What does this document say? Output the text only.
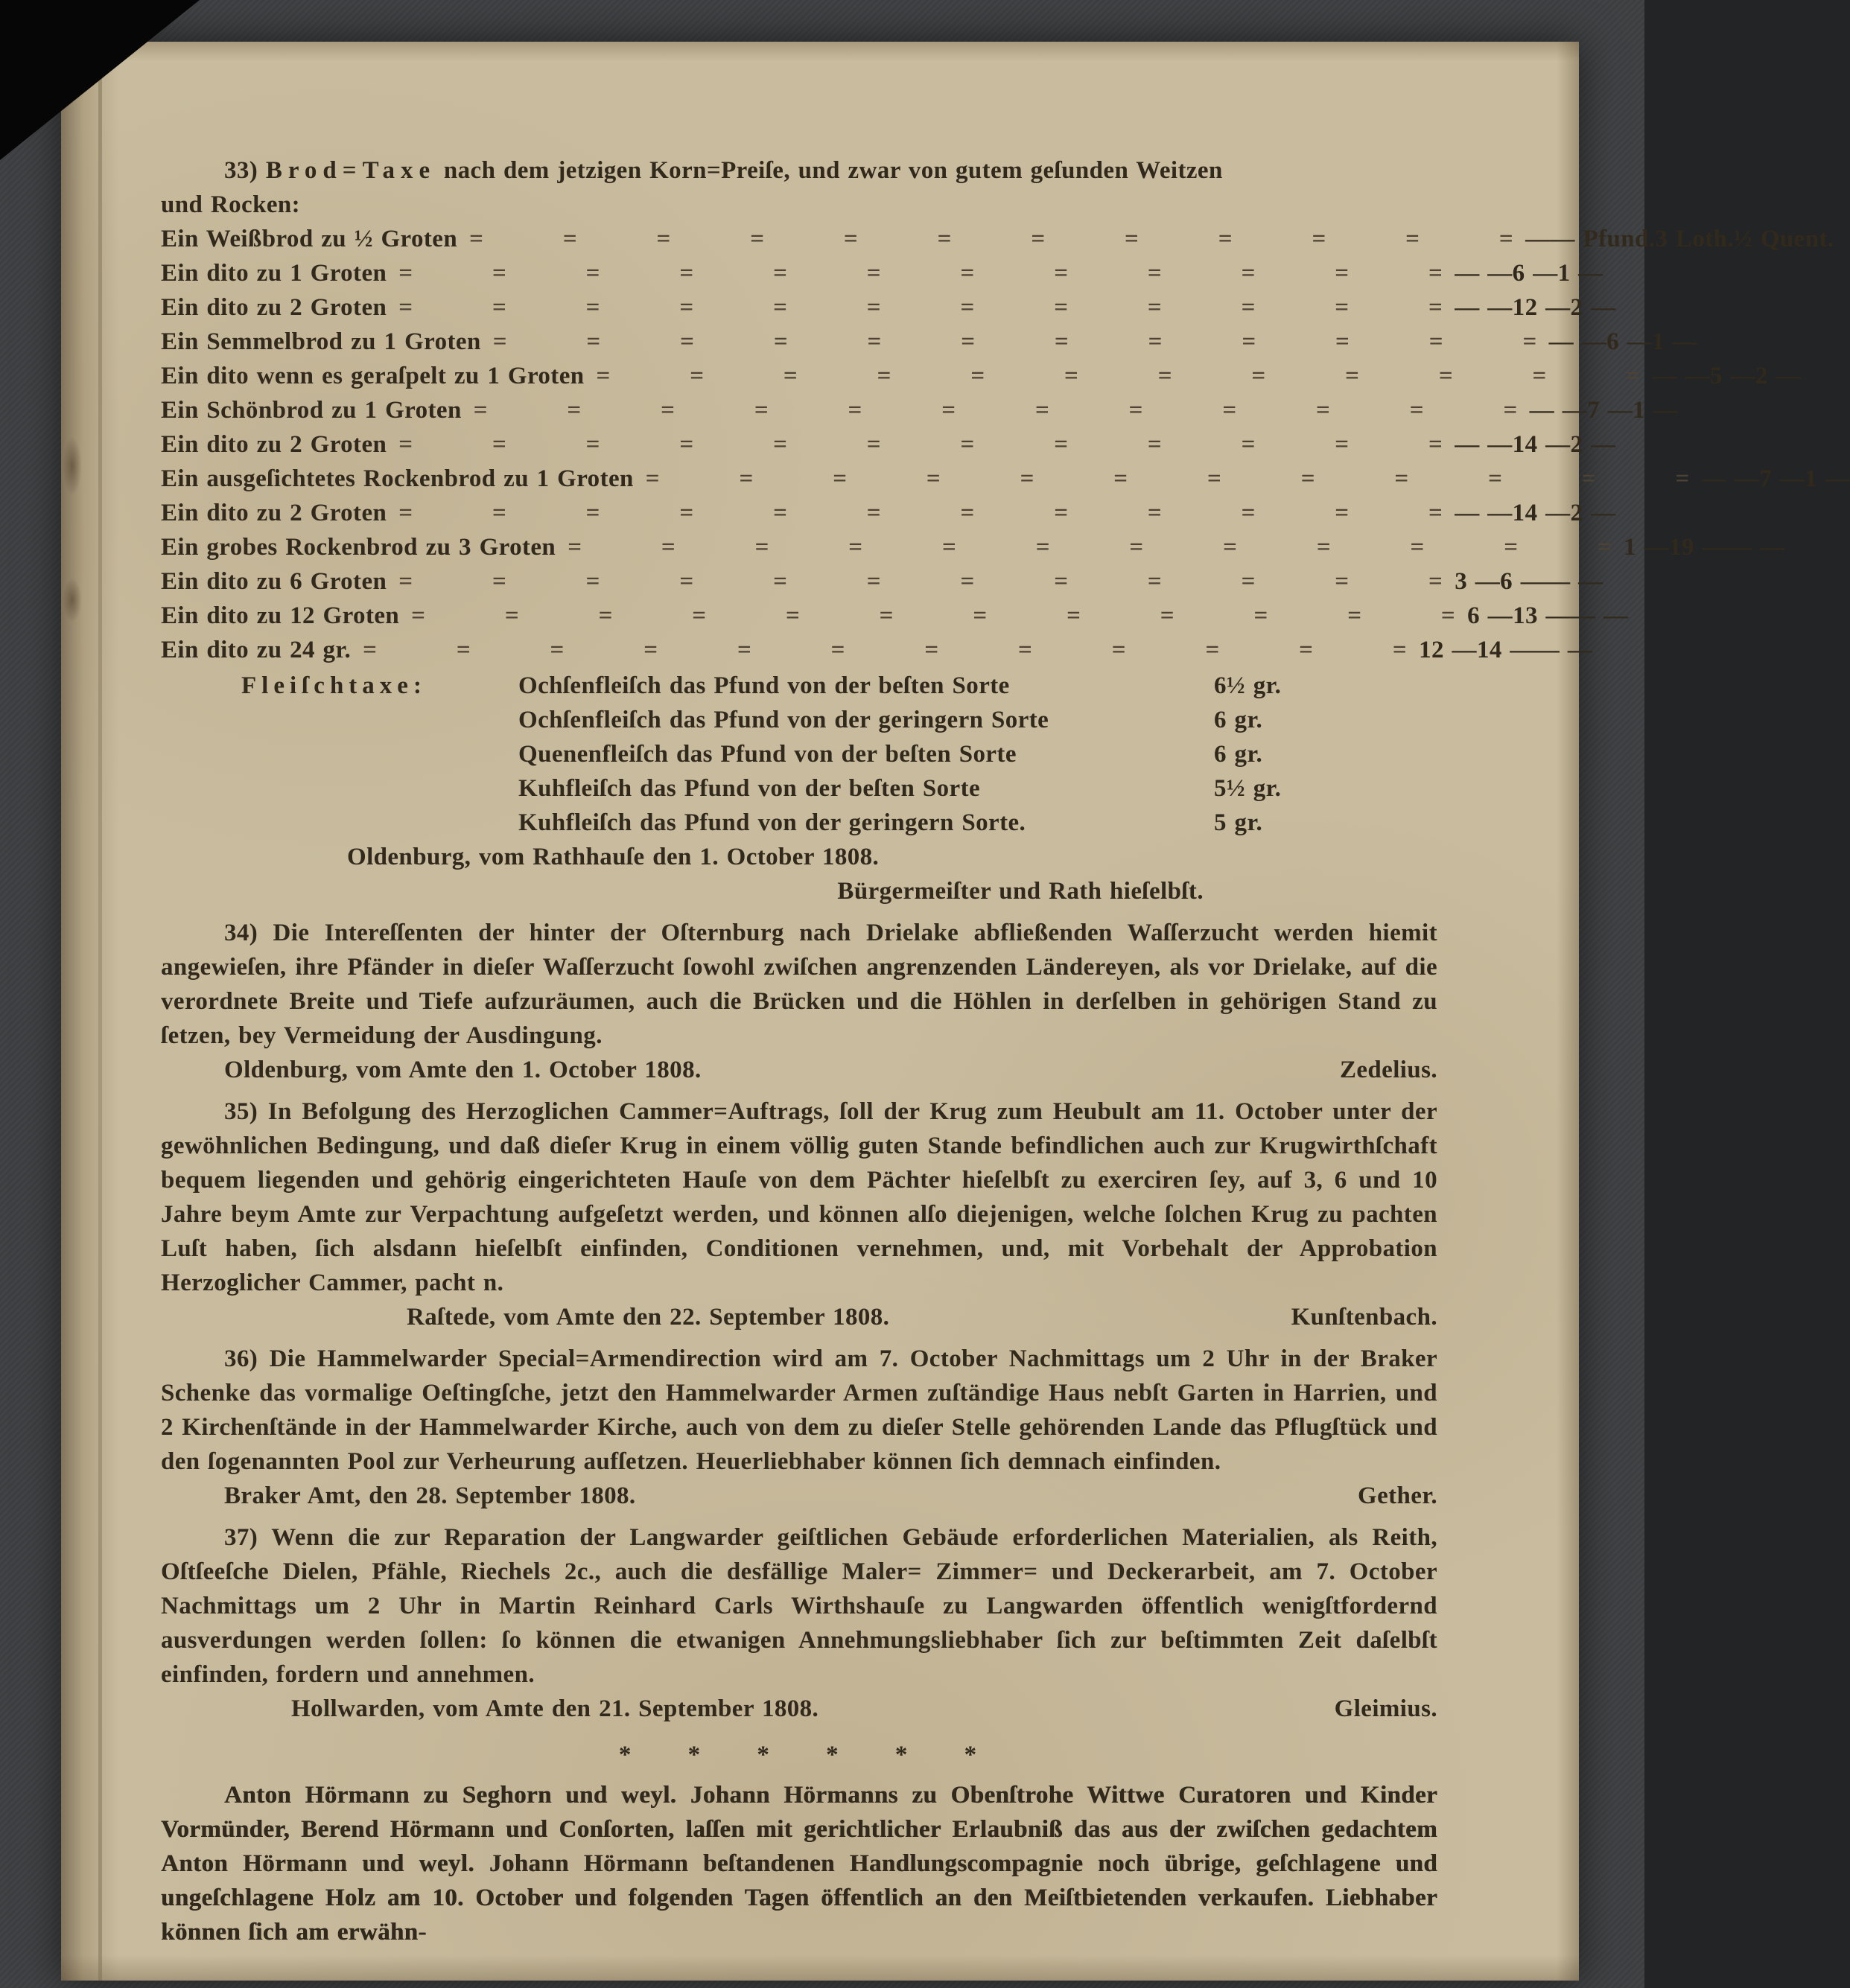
33) Brod=Taxe nach dem jetzigen Korn=Preiſe, und zwar von gutem geſunden Weitzen
und Rocken:
Ein Weißbrod zu ½ Groten =          =          =          =          =          =          =          =          =          =          =          = —— Pfund. 3 Loth. ½ Quent.
Ein dito zu 1 Groten =          =          =          =          =          =          =          =          =          =          =          = — — 6 — 1 —
Ein dito zu 2 Groten =          =          =          =          =          =          =          =          =          =          =          = — — 12 — 2 —
Ein Semmelbrod zu 1 Groten =          =          =          =          =          =          =          =          =          =          =          = — — 6 — 1 —
Ein dito wenn es geraſpelt zu 1 Groten =          =          =          =          =          =          =          =          =          =          =          = — — 5 — 2 —
Ein Schönbrod zu 1 Groten =          =          =          =          =          =          =          =          =          =          =          = — — 7 — 1 —
Ein dito zu 2 Groten =          =          =          =          =          =          =          =          =          =          =          = — — 14 — 2 —
Ein ausgeſichtetes Rockenbrod zu 1 Groten =          =          =          =          =          =          =          =          =          =          =          = — — 7 — 1 —
Ein dito zu 2 Groten =          =          =          =          =          =          =          =          =          =          =          = — — 14 — 2 —
Ein grobes Rockenbrod zu 3 Groten =          =          =          =          =          =          =          =          =          =          =          = 1 — 19 — — —
Ein dito zu 6 Groten =          =          =          =          =          =          =          =          =          =          =          = 3 — 6 — — —
Ein dito zu 12 Groten =          =          =          =          =          =          =          =          =          =          =          = 6 — 13 — — —
Ein dito zu 24 gr. =          =          =          =          =          =          =          =          =          =          =          = 12 — 14 — — —
Fleiſchtaxe:	Ochſenfleiſch das Pfund von der beſten Sorte	6½ gr.
Ochſenfleiſch das Pfund von der geringern Sorte	6 gr.
Quenenfleiſch das Pfund von der beſten Sorte	6 gr.
Kuhfleiſch das Pfund von der beſten Sorte	5½ gr.
Kuhfleiſch das Pfund von der geringern Sorte.	5 gr.
Oldenburg, vom Rathhauſe den 1. October 1808.
Bürgermeiſter und Rath hieſelbſt.
34) Die Intereſſenten der hinter der Oſternburg nach Drielake abfließenden Waſſerzucht werden hiemit angewieſen, ihre Pfänder in dieſer Waſſerzucht ſowohl zwiſchen angrenzenden Ländereyen, als vor Drielake, auf die verordnete Breite und Tiefe aufzuräumen, auch die Brücken und die Höhlen in derſelben in gehörigen Stand zu ſetzen, bey Vermeidung der Ausdingung.
Oldenburg, vom Amte den 1. October 1808.	Zedelius.
35) In Befolgung des Herzoglichen Cammer=Auftrags, ſoll der Krug zum Heubult am 11. October unter der gewöhnlichen Bedingung, und daß dieſer Krug in einem völlig guten Stande befindlichen auch zur Krugwirthſchaft bequem liegenden und gehörig eingerichteten Hauſe von dem Pächter hieſelbſt zu exerciren ſey, auf 3, 6 und 10 Jahre beym Amte zur Verpachtung aufgeſetzt werden, und können alſo diejenigen, welche ſolchen Krug zu pachten Luſt haben, ſich alsdann hieſelbſt einfinden, Conditionen vernehmen, und, mit Vorbehalt der Approbation Herzoglicher Cammer, pacht n.
Raſtede, vom Amte den 22. September 1808.	Kunſtenbach.
36) Die Hammelwarder Special=Armendirection wird am 7. October Nachmittags um 2 Uhr in der Braker Schenke das vormalige Oeſtingſche, jetzt den Hammelwarder Armen zuſtändige Haus nebſt Garten in Harrien, und 2 Kirchenſtände in der Hammelwarder Kirche, auch von dem zu dieſer Stelle gehörenden Lande das Pflugſtück und den ſogenannten Pool zur Verheurung aufſetzen. Heuerliebhaber können ſich demnach einfinden.
Braker Amt, den 28. September 1808.	Gether.
37) Wenn die zur Reparation der Langwarder geiſtlichen Gebäude erforderlichen Materialien, als Reith, Oſtſeeſche Dielen, Pfähle, Riechels 2c., auch die desfällige Maler= Zimmer= und Deckerarbeit, am 7. October Nachmittags um 2 Uhr in Martin Reinhard Carls Wirthshauſe zu Langwarden öffentlich wenigſtfordernd ausverdungen werden ſollen: ſo können die etwanigen Annehmungsliebhaber ſich zur beſtimmten Zeit daſelbſt einfinden, fordern und annehmen.
Hollwarden, vom Amte den 21. September 1808.	Gleimius.
* * * * * *
Anton Hörmann zu Seghorn und weyl. Johann Hörmanns zu Obenſtrohe Wittwe Curatoren und Kinder Vormünder, Berend Hörmann und Conſorten, laſſen mit gerichtlicher Erlaubniß das aus der zwiſchen gedachtem Anton Hörmann und weyl. Johann Hörmann beſtandenen Handlungscompagnie noch übrige, geſchlagene und ungeſchlagene Holz am 10. October und folgenden Tagen öffentlich an den Meiſtbietenden verkaufen. Liebhaber können ſich am erwähn-
